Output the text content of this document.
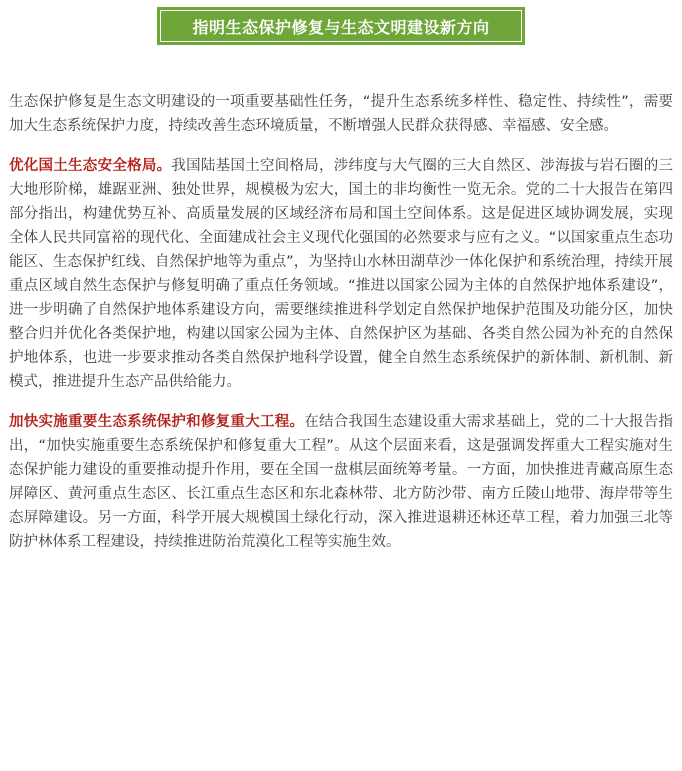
指明生态保护修复与生态文明建设新方向

生态保护修复是生态文明建设的一项重要基础性任务，“提升生态系统多样性、稳定性、持续性”，需要加大生态系统保护力度，持续改善生态环境质量，不断增强人民群众获得感、幸福感、安全感。

优化国土生态安全格局。我国陆基国土空间格局，涉纬度与大气圈的三大自然区、涉海拔与岩石圈的三大地形阶梯，雄踞亚洲、独处世界，规模极为宏大，国土的非均衡性一览无余。党的二十大报告在第四部分指出，构建优势互补、高质量发展的区域经济布局和国土空间体系。这是促进区域协调发展，实现全体人民共同富裕的现代化、全面建成社会主义现代化强国的必然要求与应有之义。“以国家重点生态功能区、生态保护红线、自然保护地等为重点”，为坚持山水林田湖草沙一体化保护和系统治理，持续开展重点区域自然生态保护与修复明确了重点任务领域。“推进以国家公园为主体的自然保护地体系建设”，进一步明确了自然保护地体系建设方向，需要继续推进科学划定自然保护地保护范围及功能分区，加快整合归并优化各类保护地，构建以国家公园为主体、自然保护区为基础、各类自然公园为补充的自然保护地体系，也进一步要求推动各类自然保护地科学设置，健全自然生态系统保护的新体制、新机制、新模式，推进提升生态产品供给能力。

加快实施重要生态系统保护和修复重大工程。在结合我国生态建设重大需求基础上，党的二十大报告指出，“加快实施重要生态系统保护和修复重大工程”。从这个层面来看，这是强调发挥重大工程实施对生态保护能力建设的重要推动提升作用，要在全国一盘棋层面统筹考量。一方面，加快推进青藏高原生态屏障区、黄河重点生态区、长江重点生态区和东北森林带、北方防沙带、南方丘陵山地带、海岸带等生态屏障建设。另一方面，科学开展大规模国土绿化行动，深入推进退耕还林还草工程，着力加强三北等防护林体系工程建设，持续推进防治荒漠化工程等实施生效。
